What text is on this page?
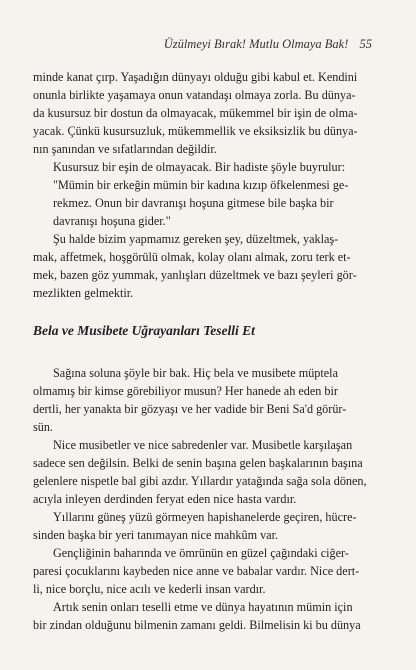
Üzülmeyi Bırak! Mutlu Olmaya Bak! 55
minde kanat çırp. Yaşadığın dünyayı olduğu gibi kabul et. Kendini
onunla birlikte yaşamaya onun vatandaşı olmaya zorla. Bu dünya-
da kusursuz bir dostun da olmayacak, mükemmel bir işin de olma-
yacak. Çünkü kusursuzluk, mükemmellik ve eksiksizlik bu dünya-
nın şanından ve sıfatlarından değildir.
Kusursuz bir eşin de olmayacak. Bir hadiste şöyle buyrulur:
"Mümin bir erkeğin mümin bir kadına kızıp öfkelenmesi ge-
rekmez. Onun bir davranışı hoşuna gitmese bile başka bir
davranışı hoşuna gider."
Şu halde bizim yapmamız gereken şey, düzeltmek, yaklaş-
mak, affetmek, hoşgörülü olmak, kolay olanı almak, zoru terk et-
mek, bazen göz yummak, yanlışları düzeltmek ve bazı şeyleri gör-
mezlikten gelmektir.
Bela ve Musibete Uğrayanları Teselli Et
Sağına soluna şöyle bir bak. Hiç bela ve musibete müptela
olmamış bir kimse görebiliyor musun? Her hanede ah eden bir
dertli, her yanakta bir gözyaşı ve her vadide bir Beni Sa'd görür-
sün.
Nice musibetler ve nice sabredenler var. Musibetle karşılaşan
sadece sen değilsin. Belki de senin başına gelen başkalarının başına
gelenlere nispetle bal gibi azdır. Yıllardır yatağında sağa sola dönen,
acıyla inleyen derdinden feryat eden nice hasta vardır.
Yıllarını güneş yüzü görmeyen hapishanelerde geçiren, hücre-
sinden başka bir yeri tanımayan nice mahkûm var.
Gençliğinin baharında ve ömrünün en güzel çağındaki ciğer-
paresi çocuklarını kaybeden nice anne ve babalar vardır. Nice dert-
li, nice borçlu, nice acılı ve kederli insan vardır.
Artık senin onları teselli etme ve dünya hayatının mümin için
bir zindan olduğunu bilmenin zamanı geldi. Bilmelisin ki bu dünya
